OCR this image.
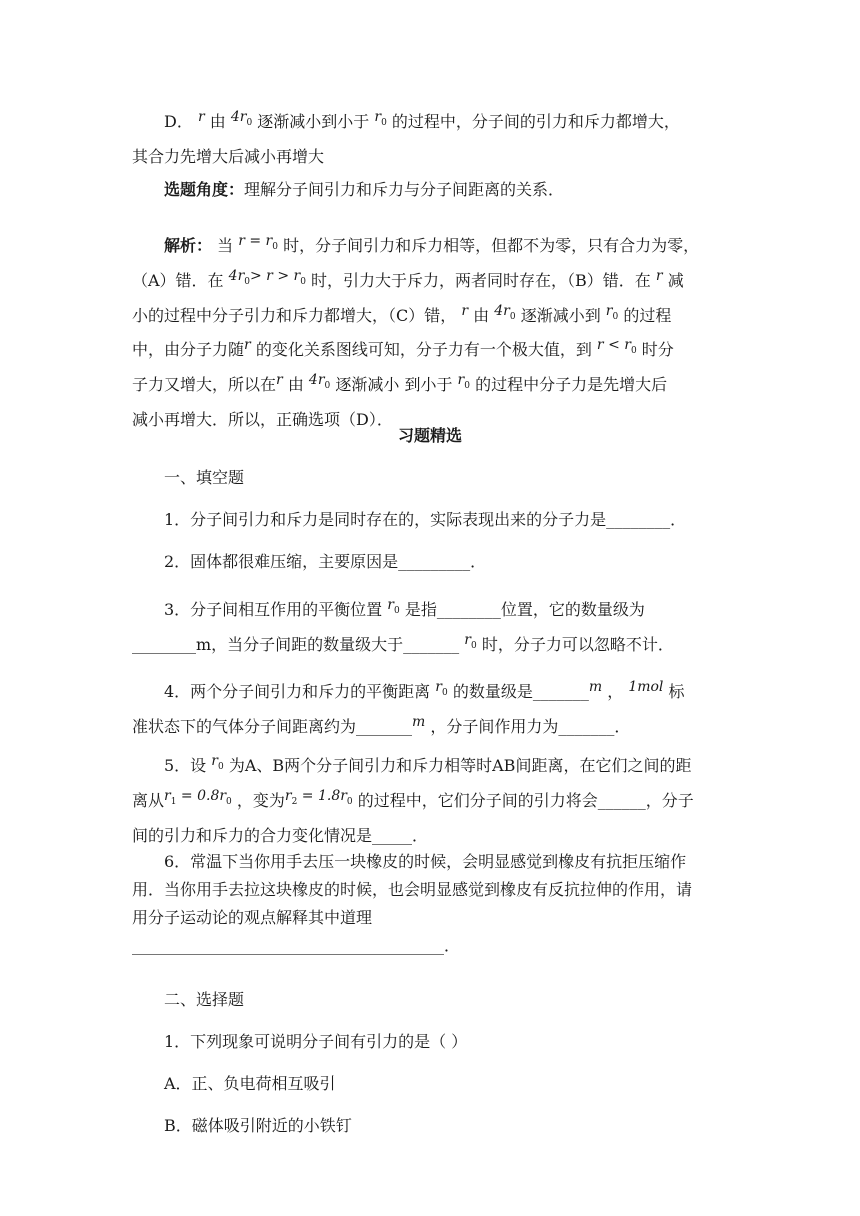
D． r 由 $4r_0$ 逐渐减小到小于 $r_0$ 的过程中，分子间的引力和斥力都增大，
其合力先增大后减小再增大
选题角度：理解分子间引力和斥力与分子间距离的关系．
解析： 当 $r = r_0$ 时，分子间引力和斥力相等，但都不为零，只有合力为零，
（A）错．在 $4r_0> r > r_0$ 时，引力大于斥力，两者同时存在，（B）错．在 r 减
小的过程中分子引力和斥力都增大，（C）错， r 由 $4r_0$ 逐渐减小到 $r_0$ 的过程
中，由分子力随r 的变化关系图线可知，分子力有一个极大值，到 $r < r_0$ 时分
子力又增大，所以在r 由 $4r_0$ 逐渐减小 到小于 $r_0$ 的过程中分子力是先增大后
减小再增大．所以，正确选项（D）．
习题精选
一、填空题
1．分子间引力和斥力是同时存在的，实际表现出来的分子力是________．
2．固体都很难压缩，主要原因是_________．
3．分子间相互作用的平衡位置 $r_0$ 是指________位置，它的数量级为
________m，当分子间距的数量级大于_______ $r_0$ 时，分子力可以忽略不计．
4．两个分子间引力和斥力的平衡距离 $r_0$ 的数量级是_______m ， 1mol 标
准状态下的气体分子间距离约为_______m ，分子间作用力为_______．
5．设 $r_0$ 为A、B两个分子间引力和斥力相等时AB间距离，在它们之间的距
离从$r_1 = 0.8r_0$ ，变为$r_2 = 1.8r_0$ 的过程中，它们分子间的引力将会______，分子
间的引力和斥力的合力变化情况是_____．
6．常温下当你用手去压一块橡皮的时候，会明显感觉到橡皮有抗拒压缩作
用．当你用手去拉这块橡皮的时候，也会明显感觉到橡皮有反抗拉伸的作用，请
用分子运动论的观点解释其中道理
_______________________________________．
二、选择题
1．下列现象可说明分子间有引力的是（ ）
A．正、负电荷相互吸引
B．磁体吸引附近的小铁钉
